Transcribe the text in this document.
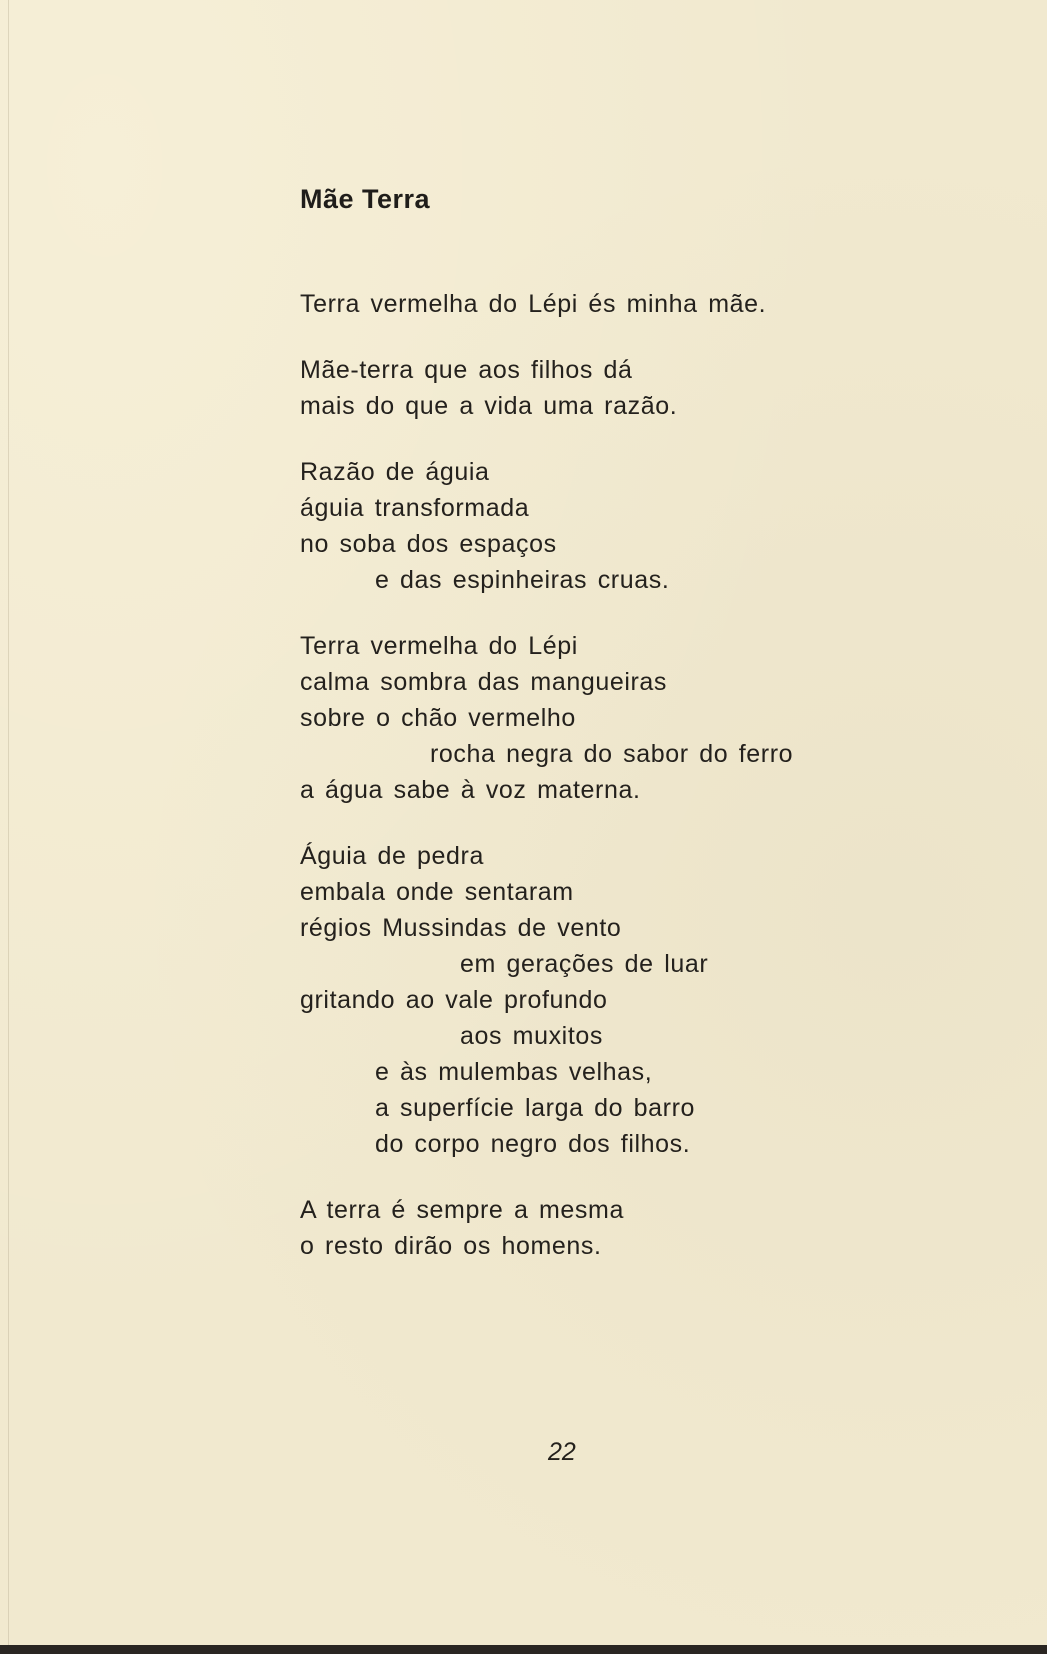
Mãe Terra
Terra vermelha do Lépi és minha mãe.
Mãe-terra que aos filhos dá
mais do que a vida uma razão.
Razão de águia
águia transformada
no soba dos espaços
e das espinheiras cruas.
Terra vermelha do Lépi
calma sombra das mangueiras
sobre o chão vermelho
rocha negra do sabor do ferro
a água sabe à voz materna.
Águia de pedra
embala onde sentaram
régios Mussindas de vento
em gerações de luar
gritando ao vale profundo
aos muxitos
e às mulembas velhas,
a superfície larga do barro
do corpo negro dos filhos.
A terra é sempre a mesma
o resto dirão os homens.
22
